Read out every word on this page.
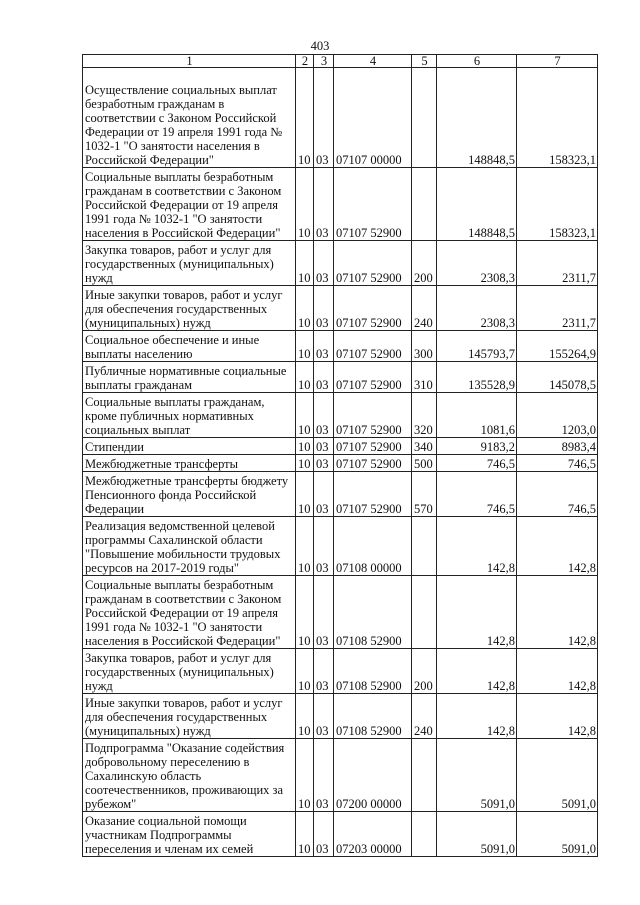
403
1	2	3	4	5	6	7
Осуществление социальных выплат безработным гражданам в соответствии с Законом Российской Федерации от 19 апреля 1991 года № 1032-1 "О занятости населения в Российской Федерации"	10	03	07107 00000		148848,5	158323,1
Социальные выплаты безработным гражданам в соответствии с Законом Российской Федерации от 19 апреля 1991 года № 1032-1 "О занятости населения в Российской Федерации"	10	03	07107 52900		148848,5	158323,1
Закупка товаров, работ и услуг для государственных (муниципальных) нужд	10	03	07107 52900	200	2308,3	2311,7
Иные закупки товаров, работ и услуг для обеспечения государственных (муниципальных) нужд	10	03	07107 52900	240	2308,3	2311,7
Социальное обеспечение и иные выплаты населению	10	03	07107 52900	300	145793,7	155264,9
Публичные нормативные социальные выплаты гражданам	10	03	07107 52900	310	135528,9	145078,5
Социальные выплаты гражданам, кроме публичных нормативных социальных выплат	10	03	07107 52900	320	1081,6	1203,0
Стипендии	10	03	07107 52900	340	9183,2	8983,4
Межбюджетные трансферты	10	03	07107 52900	500	746,5	746,5
Межбюджетные трансферты бюджету Пенсионного фонда Российской Федерации	10	03	07107 52900	570	746,5	746,5
Реализация ведомственной целевой программы Сахалинской области "Повышение мобильности трудовых ресурсов на 2017-2019 годы"	10	03	07108 00000		142,8	142,8
Социальные выплаты безработным гражданам в соответствии с Законом Российской Федерации от 19 апреля 1991 года № 1032-1 "О занятости населения в Российской Федерации"	10	03	07108 52900		142,8	142,8
Закупка товаров, работ и услуг для государственных (муниципальных) нужд	10	03	07108 52900	200	142,8	142,8
Иные закупки товаров, работ и услуг для обеспечения государственных (муниципальных) нужд	10	03	07108 52900	240	142,8	142,8
Подпрограмма "Оказание содействия добровольному переселению в Сахалинскую область соотечественников, проживающих за рубежом"	10	03	07200 00000		5091,0	5091,0
Оказание социальной помощи участникам Подпрограммы переселения и членам их семей	10	03	07203 00000		5091,0	5091,0
